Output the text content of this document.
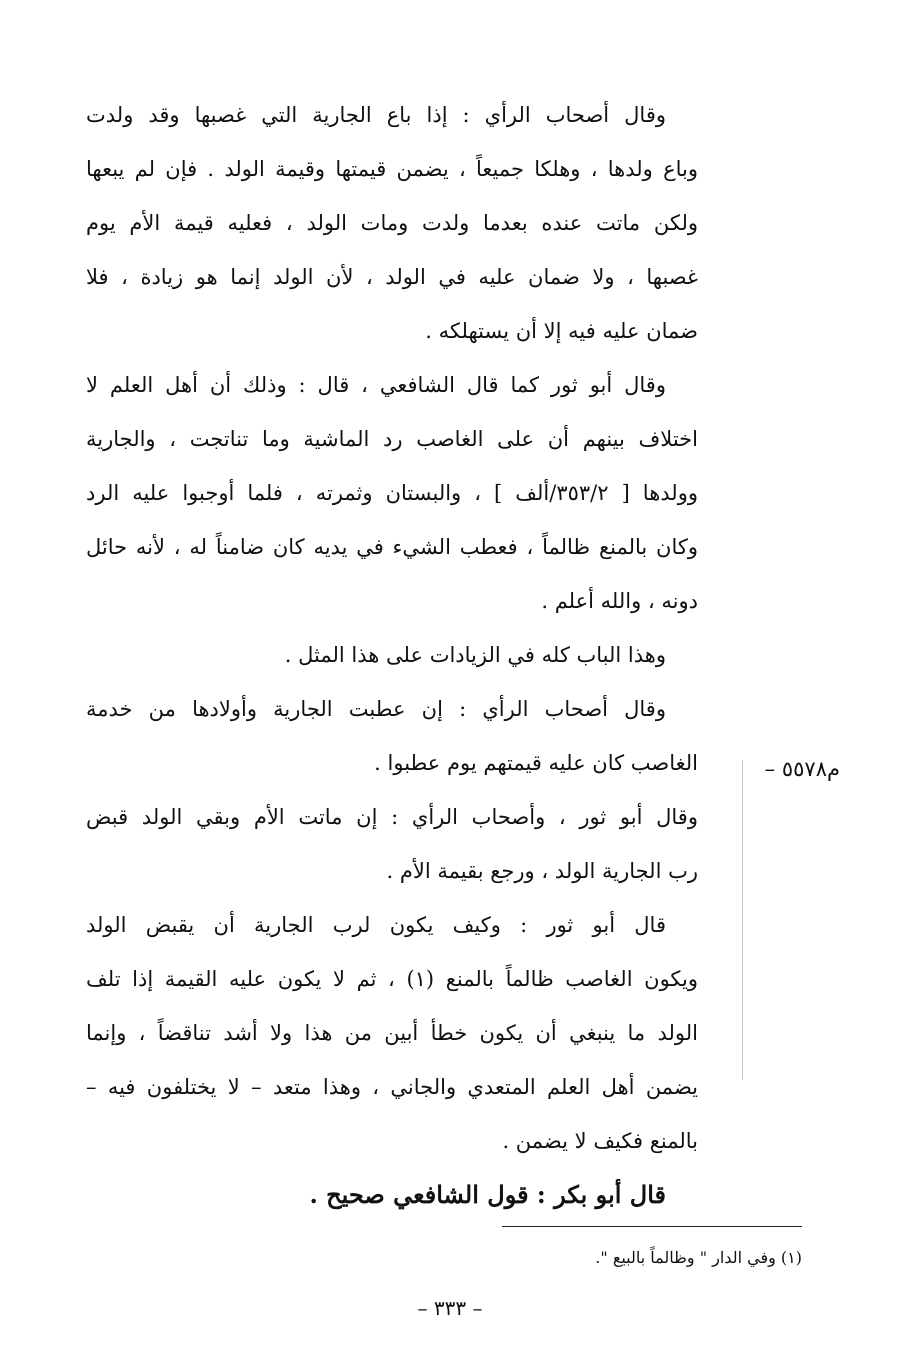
وقال أصحاب الرأي : إذا باع الجارية التي غصبها وقد ولدت
وباع ولدها ، وهلكا جميعاً ، يضمن قيمتها وقيمة الولد . فإن لم يبعها
ولكن ماتت عنده بعدما ولدت ومات الولد ، فعليه قيمة الأم يوم
غصبها ، ولا ضمان عليه في الولد ، لأن الولد إنما هو زيادة ، فلا
ضمان عليه فيه إلا أن يستهلكه .
وقال أبو ثور كما قال الشافعي ، قال : وذلك أن أهل العلم لا
اختلاف بينهم أن على الغاصب رد الماشية وما تناتجت ، والجارية
وولدها [ ٣٥٣/٢/ألف ] ، والبستان وثمرته ، فلما أوجبوا عليه الرد
وكان بالمنع ظالماً ، فعطب الشيء في يديه كان ضامناً له ، لأنه حائل
دونه ، والله أعلم .
وهذا الباب كله في الزيادات على هذا المثل .
وقال أصحاب الرأي : إن عطبت الجارية وأولادها من خدمة
الغاصب كان عليه قيمتهم يوم عطبوا .
وقال أبو ثور ، وأصحاب الرأي : إن ماتت الأم وبقي الولد قبض
رب الجارية الولد ، ورجع بقيمة الأم .
قال أبو ثور : وكيف يكون لرب الجارية أن يقبض الولد
ويكون الغاصب ظالماً بالمنع (١) ، ثم لا يكون عليه القيمة إذا تلف
الولد ما ينبغي أن يكون خطأ أبين من هذا ولا أشد تناقضاً ، وإنما
يضمن أهل العلم المتعدي والجاني ، وهذا متعد – لا يختلفون فيه –
بالمنع فكيف لا يضمن .
قال أبو بكر : قول الشافعي صحيح .
م٥٥٧٨ –
(١) وفي الدار " وظالماً بالبيع ".
– ٣٣٣ –
